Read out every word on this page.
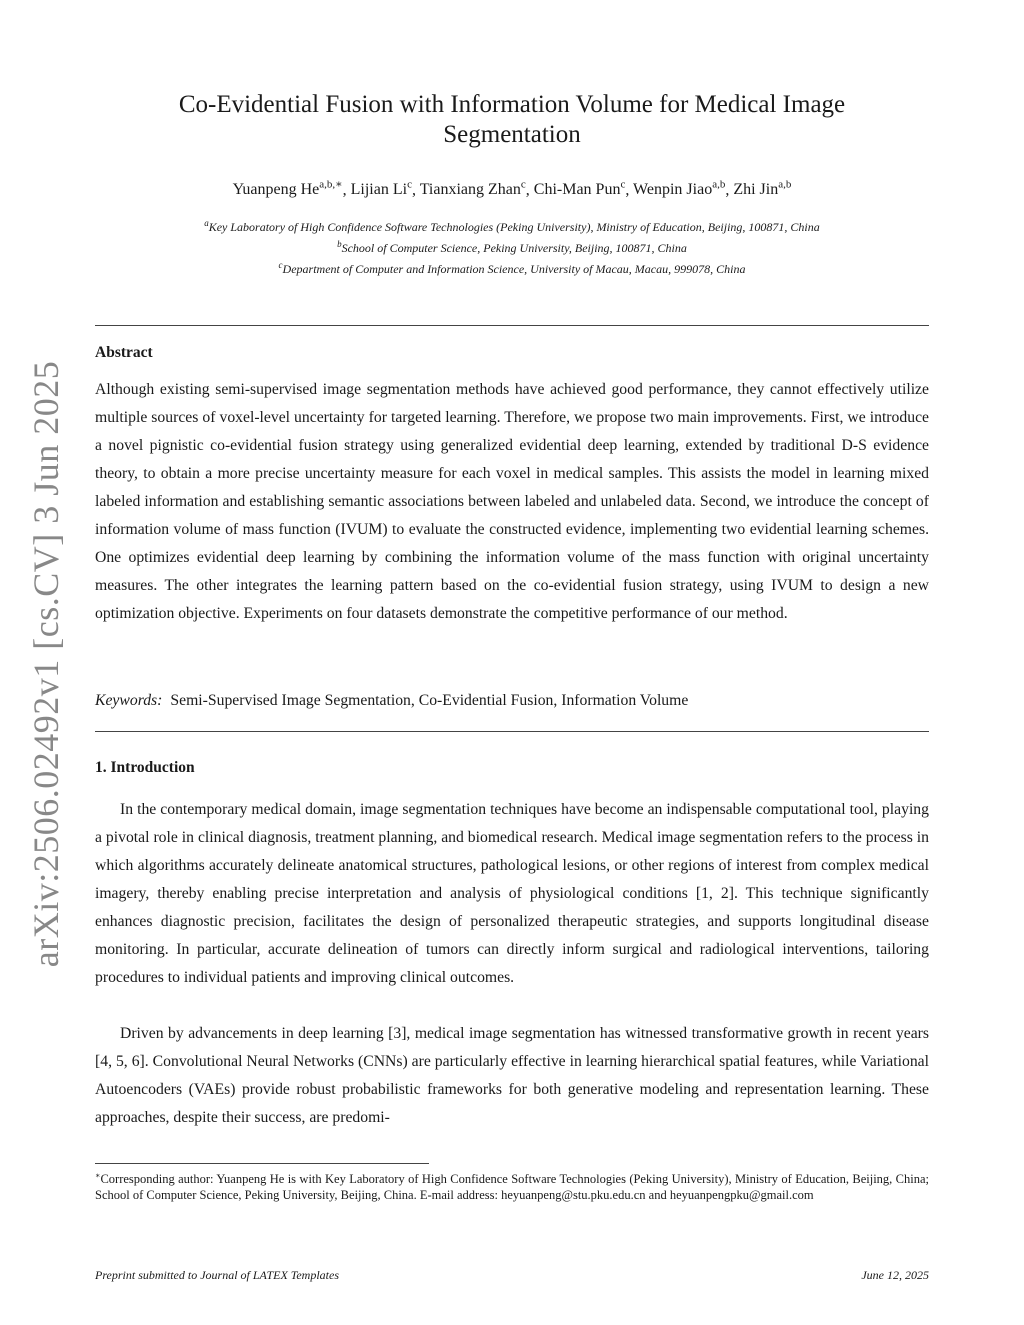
arXiv:2506.02492v1 [cs.CV] 3 Jun 2025
Co-Evidential Fusion with Information Volume for Medical Image Segmentation
Yuanpeng $He^{a,b,∗}$, Lijian Li$^c$, Tianxiang Zhan$^c$, Chi-Man Pun$^c$, Wenpin Jiao$^{a,b}$, Zhi Jin$^{a,b}$
$^a$Key Laboratory of High Confidence Software Technologies (Peking University), Ministry of Education, Beijing, 100871, China
$^b$School of Computer Science, Peking University, Beijing, 100871, China
$^c$Department of Computer and Information Science, University of Macau, Macau, 999078, China
Abstract

Although existing semi-supervised image segmentation methods have achieved good performance, they cannot effectively utilize multiple sources of voxel-level uncertainty for targeted learning. Therefore, we propose two main improvements. First, we introduce a novel pignistic co-evidential fusion strategy using generalized evidential deep learning, extended by traditional D-S evidence theory, to obtain a more precise uncertainty measure for each voxel in medical samples. This assists the model in learning mixed labeled information and establishing semantic associations between labeled and unlabeled data. Second, we introduce the concept of information volume of mass function (IVUM) to evaluate the constructed evidence, implementing two evidential learning schemes. One optimizes evidential deep learning by combining the information volume of the mass function with original uncertainty measures. The other integrates the learning pattern based on the co-evidential fusion strategy, using IVUM to design a new optimization objective. Experiments on four datasets demonstrate the competitive performance of our method.

Keywords: Semi-Supervised Image Segmentation, Co-Evidential Fusion, Information Volume
1. Introduction

In the contemporary medical domain, image segmentation techniques have become an indispensable computational tool, playing a pivotal role in clinical diagnosis, treatment planning, and biomedical research. Medical image segmentation refers to the process in which algorithms accurately delineate anatomical structures, pathological lesions, or other regions of interest from complex medical imagery, thereby enabling precise interpretation and analysis of physiological conditions [1, 2]. This technique significantly enhances diagnostic precision, facilitates the design of personalized therapeutic strategies, and supports longitudinal disease monitoring. In particular, accurate delineation of tumors can directly inform surgical and radiological interventions, tailoring procedures to individual patients and improving clinical outcomes.

Driven by advancements in deep learning [3], medical image segmentation has witnessed transformative growth in recent years [4, 5, 6]. Convolutional Neural Networks (CNNs) are particularly effective in learning hierarchical spatial features, while Variational Autoencoders (VAEs) provide robust probabilistic frameworks for both generative modeling and representation learning. These approaches, despite their success, are predomi-

∗Corresponding author: Yuanpeng He is with Key Laboratory of High Confidence Software Technologies (Peking University), Ministry of Education, Beijing, China; School of Computer Science, Peking University, Beijing, China. E-mail address: heyuanpeng@stu.pku.edu.cn and heyuanpengpku@gmail.com
Preprint submitted to Journal of LATEX Templates	June 12, 2025
